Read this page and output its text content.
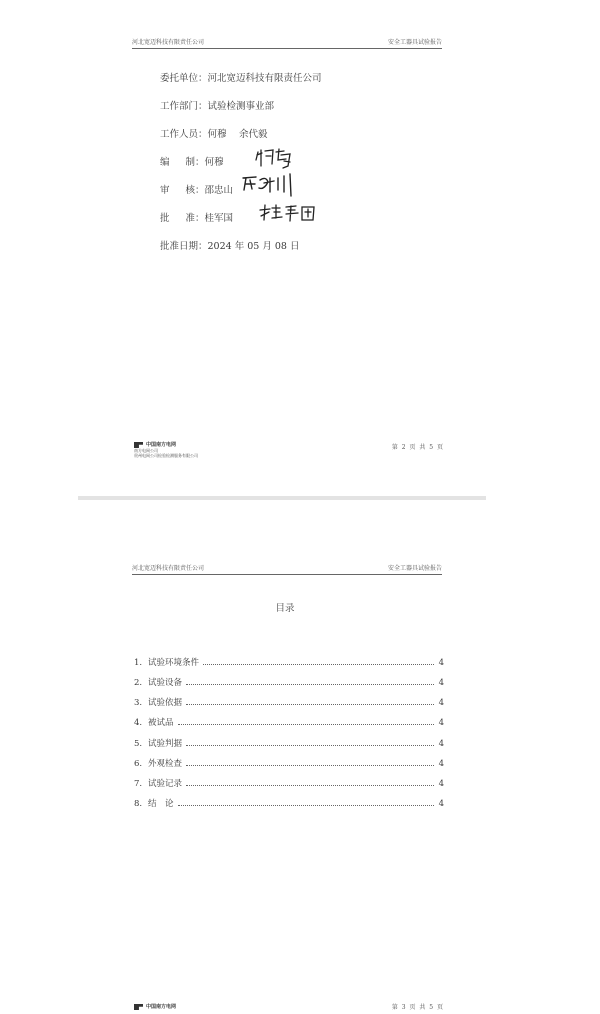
河北宽迈科技有限责任公司	安全工器具试验报告
委托单位：河北宽迈科技有限责任公司
工作部门：试验检测事业部
工作人员：何穆　 余代毅
编制：何穆
审核：邵忠山
批准：桂军国
批准日期：2024 年 05 月 08 日
中国南方电网
南方电网公司
贵州电网公司检验检测服务有限公司
第 2 页 共 5 页
河北宽迈科技有限责任公司	安全工器具试验报告
目录
1. 试验环境条件	4
2. 试验设备	4
3. 试验依据	4
4. 被试品	4
5. 试验判据	4
6. 外观检查	4
7. 试验记录	4
8. 结　论	4
中国南方电网	第 3 页 共 5 页
